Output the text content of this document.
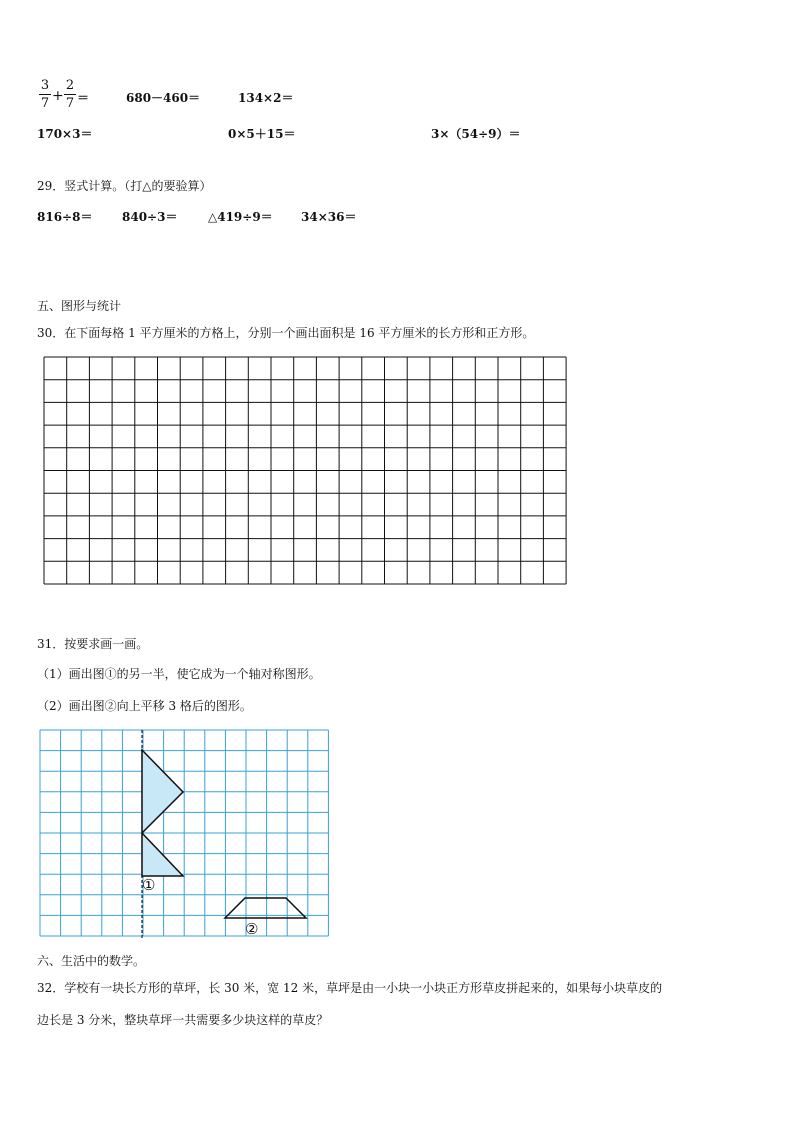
$\frac{3}{7} + \frac{2}{7}$ ＝	680－460＝	134×2＝
170×3＝	0×5＋15＝	3×（54÷9）＝
29．竖式计算。（打△的要验算）
816÷8＝ 840÷3＝	△419÷9＝ 34×36＝
五、图形与统计
30．在下面每格 1 平方厘米的方格上，分别一个画出面积是 16 平方厘米的长方形和正方形。
31．按要求画一画。
（1）画出图①的另一半，使它成为一个轴对称图形。
（2）画出图②向上平移 3 格后的图形。
①
②
六、生活中的数学。
32．学校有一块长方形的草坪，长 30 米，宽 12 米，草坪是由一小块一小块正方形草皮拼起来的，如果每小块草皮的
边长是 3 分米，整块草坪一共需要多少块这样的草皮？
